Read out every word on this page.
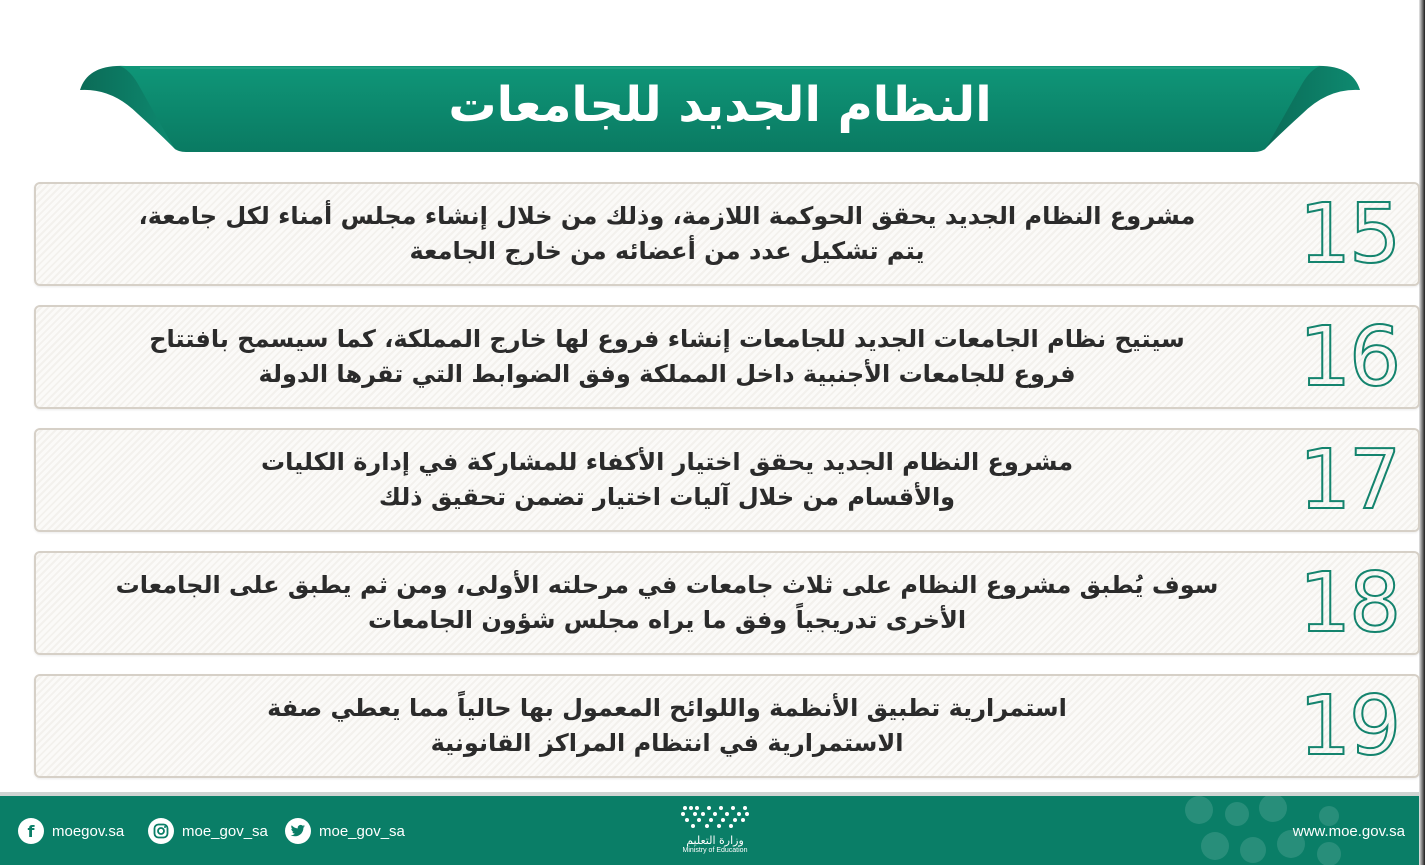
النظام الجديد للجامعات
15
مشروع النظام الجديد يحقق الحوكمة اللازمة، وذلك من خلال إنشاء مجلس أمناء لكل جامعة،
يتم تشكيل عدد من أعضائه من خارج الجامعة
16
سيتيح نظام الجامعات الجديد للجامعات إنشاء فروع لها خارج المملكة، كما سيسمح بافتتاح
فروع للجامعات الأجنبية داخل المملكة وفق الضوابط التي تقرها الدولة
17
مشروع النظام الجديد يحقق اختيار الأكفاء للمشاركة في إدارة الكليات
والأقسام من خلال آليات اختيار تضمن تحقيق ذلك
18
سوف يُطبق مشروع النظام على ثلاث جامعات في مرحلته الأولى، ومن ثم يطبق على الجامعات
الأخرى تدريجياً وفق ما يراه مجلس شؤون الجامعات
19
استمرارية تطبيق الأنظمة واللوائح المعمول بها حالياً مما يعطي صفة
الاستمرارية في انتظام المراكز القانونية
f	moegov.sa	moe_gov_sa	moe_gov_sa
وزارة التعليم
Ministry of Education
www.moe.gov.sa
